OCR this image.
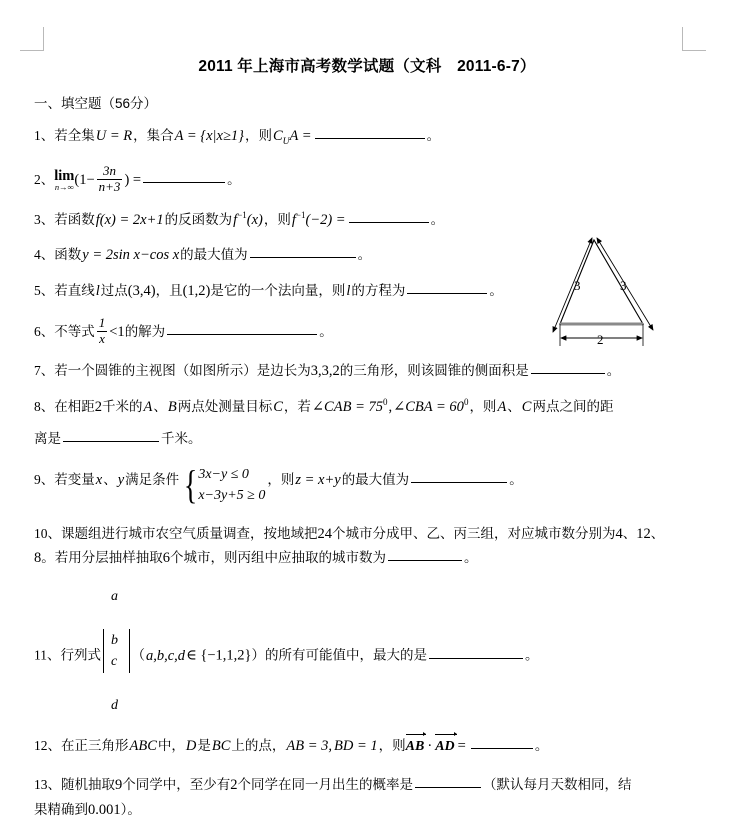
3	3
2
2011 年上海市高考数学试题（文科　2011-6-7）
一、填空题（56分）
1、若全集U = R，集合A = {x|x≥1}，则$C_UA$ =	。
2、 lim
n→∞ ($1- \frac{3n}{n+3}$ ) =	。
3、若函数f(x) = 2x+1的反函数为$f^{-1}(x)$，则$f^{-1}(-2)$ =	。
4、函数y = 2sin x−cos x的最大值为	。
5、若直线l过点(3,4)，且(1,2)是它的一个法向量，则l的方程为	。
6、不等式 $\frac{1}{x} <1$的解为	。
7、若一个圆锥的主视图（如图所示）是边长为3,3,2的三角形，则该圆锥的侧面积是	。
8、在相距2千米的A、B两点处测量目标C，若∠CAB = $75^0,\angle CBA = 60^0$，则A、C两点之间的距
离是	千米。
9、若变量x、y满足条件 { 3x−y ≤ 0
x−3y+5 ≥ 0
，则z = x+y的最大值为	。
10、课题组进行城市农空气质量调查，按地域把24个城市分成甲、乙、丙三组，对应城市数分别为4、12、
8。若用分层抽样抽取6个城市，则丙组中应抽取的城市数为	。
11、行列式
a

b
c

d
（a,b,c,d∈ {−1,1,2}）的所有可能值中，最大的是	。
12、在正三角形ABC中，D是BC上的点，AB = 3, BD = 1，则AB · AD =	。
13、随机抽取9个同学中，至少有2个同学在同一月出生的概率是	（默认每月天数相同，结
果精确到0.001）。
